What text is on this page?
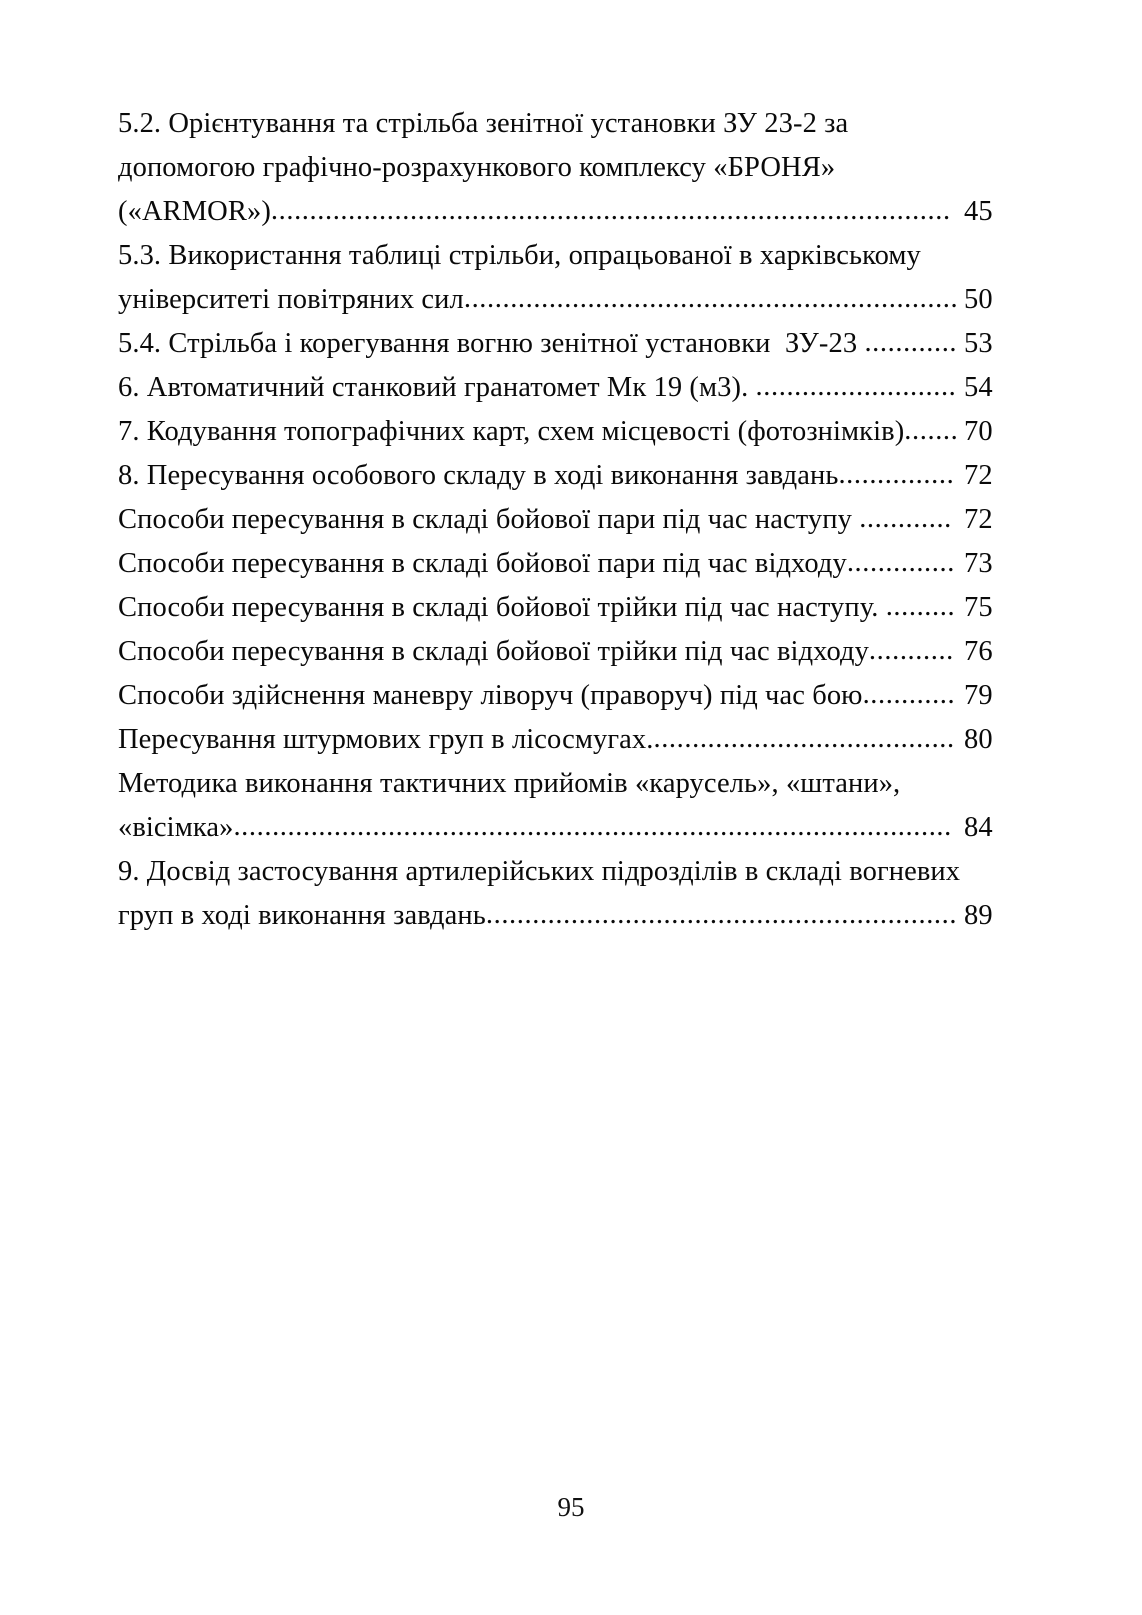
5.2. Орієнтування та стрільба зенітної установки ЗУ 23-2 за
допомогою графічно-розрахункового комплексу «БРОНЯ»
(«ARMOR») ........................................................................................ 45
5.3. Використання таблиці стрільби, опрацьованої в харківському
університеті повітряних сил ................................................................ 50
5.4. Стрільба і корегування вогню зенітної установки  ЗУ-23 ............ 53
6. Автоматичний станковий гранатомет Мк 19 (м3). .......................... 54
7. Кодування топографічних карт, схем місцевості (фотознімків) ....... 70
8. Пересування особового складу в ході виконання завдань ............... 72
Способи пересування в складі бойової пари під час наступу ............ 72
Способи пересування в складі бойової пари під час відходу .............. 73
Способи пересування в складі бойової трійки під час наступу. ......... 75
Способи пересування в складі бойової трійки під час відходу ........... 76
Способи здійснення маневру ліворуч (праворуч) під час бою ............ 79
Пересування штурмових груп в лісосмугах. ....................................... 80
Методика виконання тактичних прийомів «карусель», «штани»,
«вісімка» ............................................................................................. 84
9. Досвід застосування артилерійських підрозділів в складі вогневих
груп в ході виконання завдань ............................................................. 89
95
